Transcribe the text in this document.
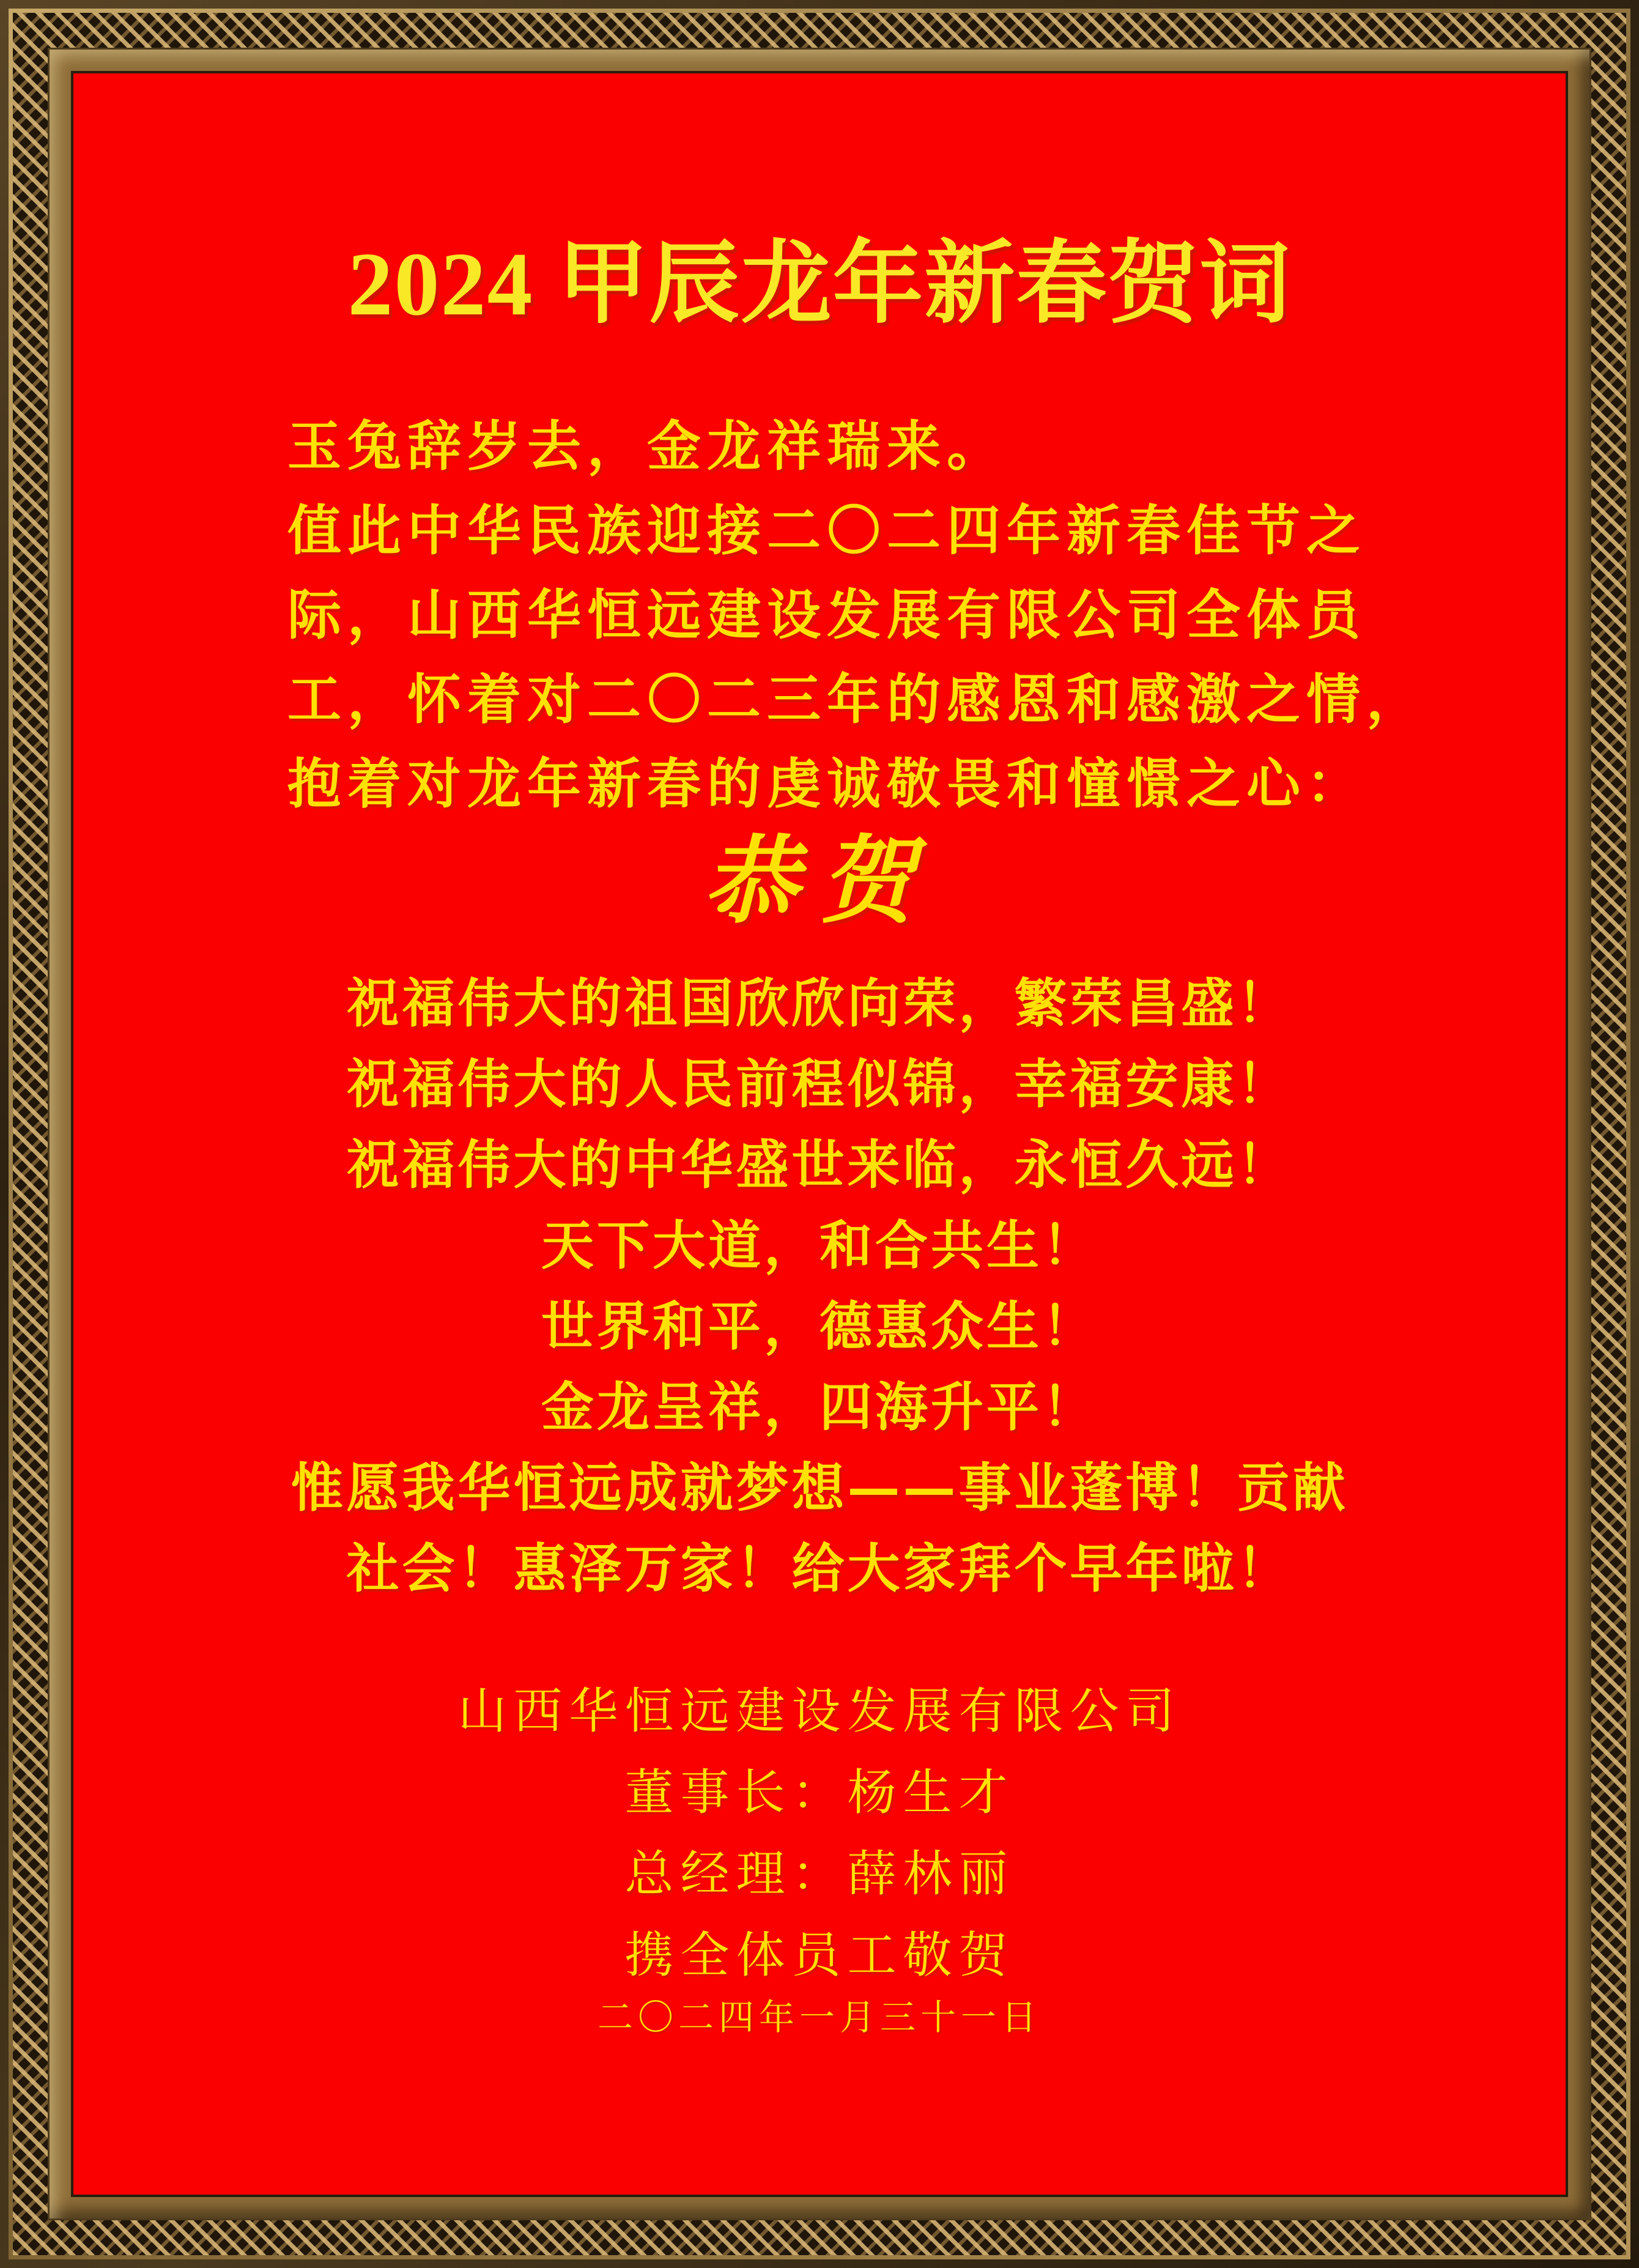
2024 甲辰龙年新春贺词

玉兔辞岁去，金龙祥瑞来。

值此中华民族迎接二〇二四年新春佳节之

际，山西华恒远建设发展有限公司全体员

工，怀着对二〇二三年的感恩和感激之情，

抱着对龙年新春的虔诚敬畏和憧憬之心：

恭贺

祝福伟大的祖国欣欣向荣，繁荣昌盛！

祝福伟大的人民前程似锦，幸福安康！

祝福伟大的中华盛世来临，永恒久远！

天下大道，和合共生！

世界和平，德惠众生！

金龙呈祥，四海升平！

惟愿我华恒远成就梦想——事业蓬博！贡献

社会！惠泽万家！给大家拜个早年啦！

山西华恒远建设发展有限公司

董事长：杨生才

总经理：薛林丽

携全体员工敬贺

二〇二四年一月三十一日
